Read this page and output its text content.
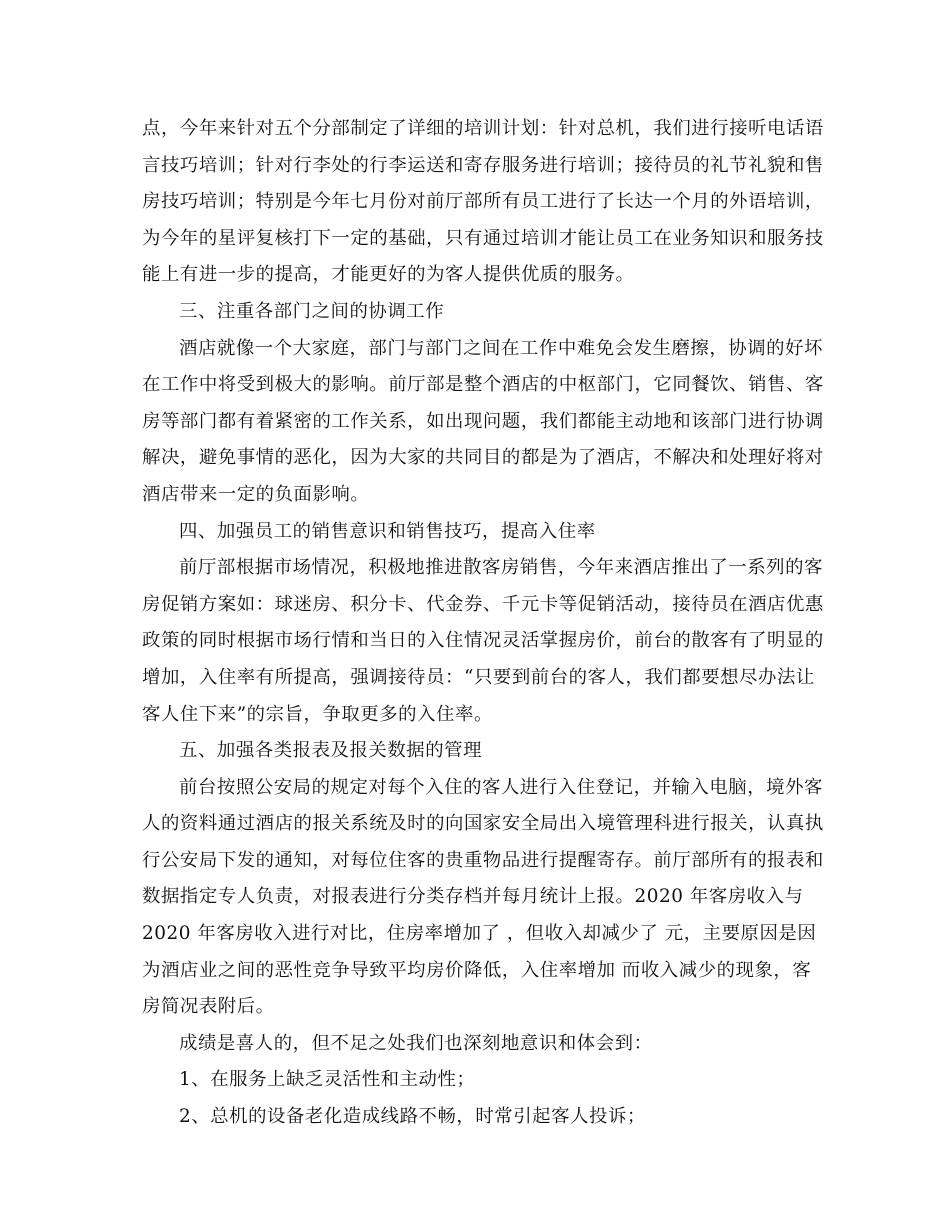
点，今年来针对五个分部制定了详细的培训计划：针对总机，我们进行接听电话语
言技巧培训；针对行李处的行李运送和寄存服务进行培训；接待员的礼节礼貌和售
房技巧培训；特别是今年七月份对前厅部所有员工进行了长达一个月的外语培训，
为今年的星评复核打下一定的基础，只有通过培训才能让员工在业务知识和服务技
能上有进一步的提高，才能更好的为客人提供优质的服务。

三、注重各部门之间的协调工作

酒店就像一个大家庭，部门与部门之间在工作中难免会发生磨擦，协调的好坏
在工作中将受到极大的影响。前厅部是整个酒店的中枢部门，它同餐饮、销售、客
房等部门都有着紧密的工作关系，如出现问题，我们都能主动地和该部门进行协调
解决，避免事情的恶化，因为大家的共同目的都是为了酒店，不解决和处理好将对
酒店带来一定的负面影响。

四、加强员工的销售意识和销售技巧，提高入住率

前厅部根据市场情况，积极地推进散客房销售，今年来酒店推出了一系列的客
房促销方案如：球迷房、积分卡、代金券、千元卡等促销活动，接待员在酒店优惠
政策的同时根据市场行情和当日的入住情况灵活掌握房价，前台的散客有了明显的
增加，入住率有所提高，强调接待员：“只要到前台的客人，我们都要想尽办法让
客人住下来”的宗旨，争取更多的入住率。

五、加强各类报表及报关数据的管理

前台按照公安局的规定对每个入住的客人进行入住登记，并输入电脑，境外客
人的资料通过酒店的报关系统及时的向国家安全局出入境管理科进行报关，认真执
行公安局下发的通知，对每位住客的贵重物品进行提醒寄存。前厅部所有的报表和
数据指定专人负责，对报表进行分类存档并每月统计上报。2020 年客房收入与
2020 年客房收入进行对比，住房率增加了 ，但收入却减少了 元，主要原因是因
为酒店业之间的恶性竞争导致平均房价降低，入住率增加 而收入减少的现象，客
房简况表附后。

成绩是喜人的，但不足之处我们也深刻地意识和体会到：

1、在服务上缺乏灵活性和主动性；

2、总机的设备老化造成线路不畅，时常引起客人投诉；
